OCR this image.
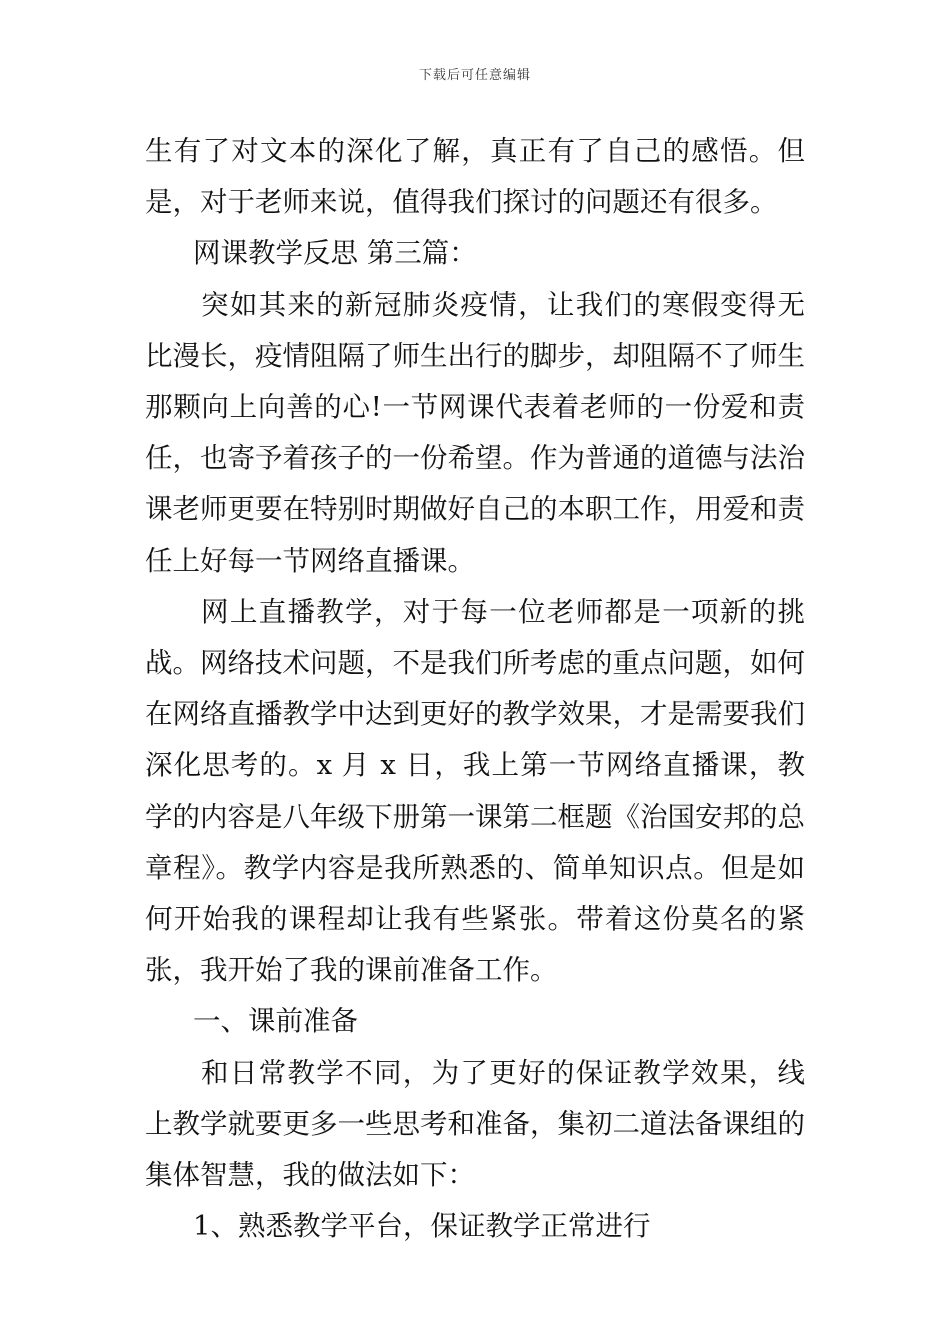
下载后可任意编辑

生有了对文本的深化了解，真正有了自己的感悟。但是，对于老师来说，值得我们探讨的问题还有很多。

网课教学反思 第三篇：

突如其来的新冠肺炎疫情，让我们的寒假变得无比漫长，疫情阻隔了师生出行的脚步，却阻隔不了师生那颗向上向善的心!一节网课代表着老师的一份爱和责任，也寄予着孩子的一份希望。作为普通的道德与法治课老师更要在特别时期做好自己的本职工作，用爱和责任上好每一节网络直播课。

网上直播教学，对于每一位老师都是一项新的挑战。网络技术问题，不是我们所考虑的重点问题，如何在网络直播教学中达到更好的教学效果，才是需要我们深化思考的。x 月 x 日，我上第一节网络直播课，教学的内容是八年级下册第一课第二框题《治国安邦的总章程》。教学内容是我所熟悉的、简单知识点。但是如何开始我的课程却让我有些紧张。带着这份莫名的紧张，我开始了我的课前准备工作。

一、课前准备

和日常教学不同，为了更好的保证教学效果，线上教学就要更多一些思考和准备，集初二道法备课组的集体智慧，我的做法如下：

1、熟悉教学平台，保证教学正常进行
